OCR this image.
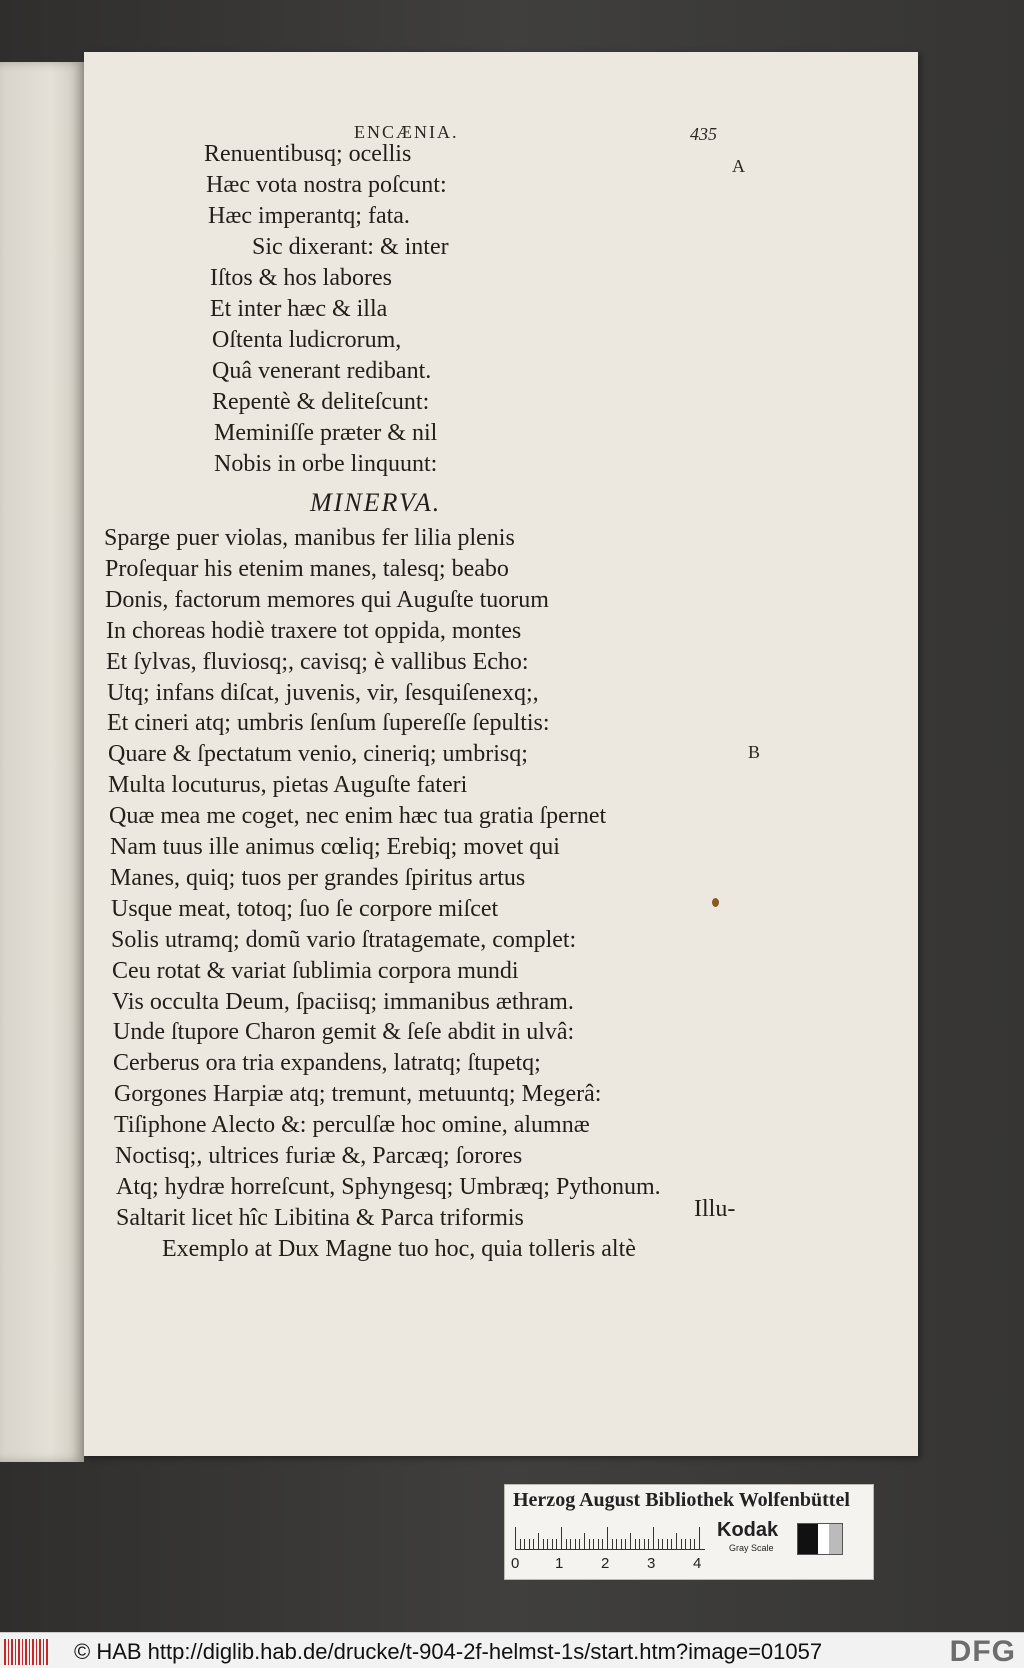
ENCÆNIA.	435
A
B
Renuentibusq; ocellis
Hæc vota nostra poſcunt:
Hæc imperantq; fata.
Sic dixerant: & inter
Iſtos & hos labores
Et inter hæc & illa
Oſtenta ludicrorum,
Quâ venerant redibant.
Repentè & deliteſcunt:
Meminiſſe præter & nil
Nobis in orbe linquunt:
MINERVA.
Sparge puer violas, manibus fer lilia plenis
Proſequar his etenim manes, talesq; beabo
Donis, factorum memores qui Auguſte tuorum
In choreas hodiè traxere tot oppida, montes
Et ſylvas, fluviosq;, cavisq; è vallibus Echo:
Utq; infans diſcat, juvenis, vir, ſesquiſenexq;,
Et cineri atq; umbris ſenſum ſupereſſe ſepultis:
Quare & ſpectatum venio, cineriq; umbrisq;
Multa locuturus, pietas Auguſte fateri
Quæ mea me coget, nec enim hæc tua gratia ſpernet
Nam tuus ille animus cœliq; Erebiq; movet qui
Manes, quiq; tuos per grandes ſpiritus artus
Usque meat, totoq; ſuo ſe corpore miſcet
Solis utramq; domũ vario ſtratagemate, complet:
Ceu rotat & variat ſublimia corpora mundi
Vis occulta Deum, ſpaciisq; immanibus æthram.
Unde ſtupore Charon gemit & ſeſe abdit in ulvâ:
Cerberus ora tria expandens, latratq; ſtupetq;
Gorgones Harpiæ atq; tremunt, metuuntq; Megerâ:
Tiſiphone Alecto &: perculſæ hoc omine, alumnæ
Noctisq;, ultrices furiæ &, Parcæq; ſorores
Atq; hydræ horreſcunt, Sphyngesq; Umbræq; Pythonum.
Saltarit licet hîc Libitina & Parca triformis
Exemplo at Dux Magne tuo hoc, quia tolleris altè
Illu-
Herzog August Bibliothek Wolfenbüttel
Kodak
Gray Scale
0 1	2	3	4
© HAB http://diglib.hab.de/drucke/t-904-2f-helmst-1s/start.htm?image=01057	DFG
